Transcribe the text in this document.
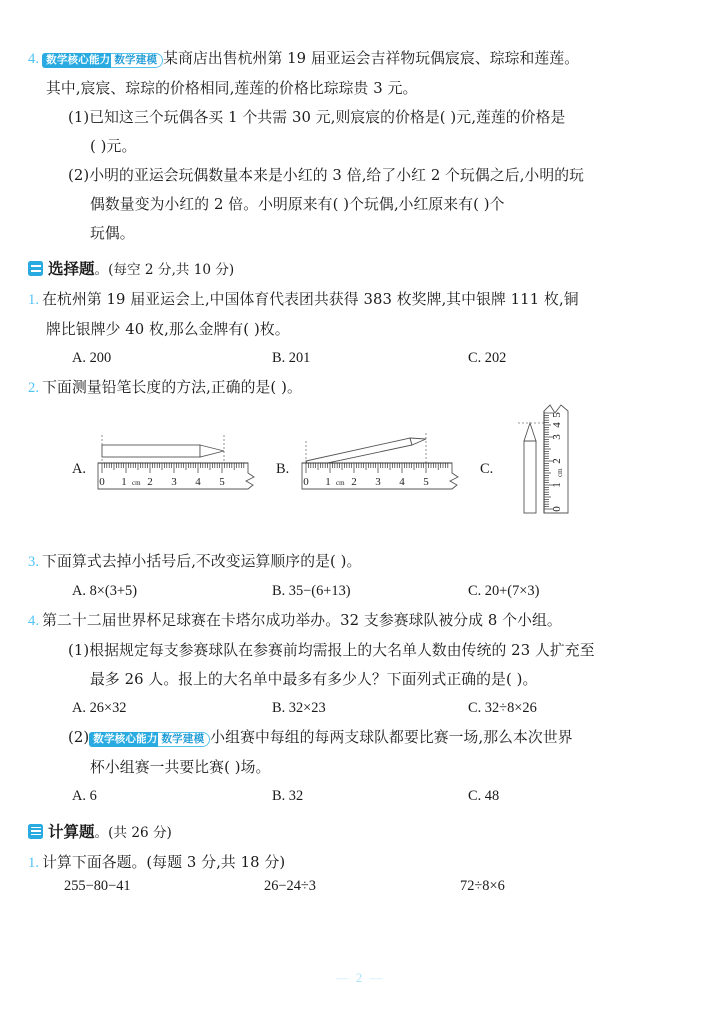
4. 数学核心能力 数学建模 某商店出售杭州第 19 届亚运会吉祥物玩偶宸宸、琮琮和莲莲。
其中‚宸宸、琮琮的价格相同‚莲莲的价格比琮琮贵 3 元。
(1)已知这三个玩偶各买 1 个共需 30 元‚则宸宸的价格是( )元‚莲莲的价格是
( )元。
(2)小明的亚运会玩偶数量本来是小红的 3 倍‚给了小红 2 个玩偶之后‚小明的玩
偶数量变为小红的 2 倍。小明原来有( )个玩偶‚小红原来有( )个
玩偶。
选择题。(每空 2 分‚共 10 分)
1. 在杭州第 19 届亚运会上‚中国体育代表团共获得 383 枚奖牌‚其中银牌 111 枚‚铜
牌比银牌少 40 枚‚那么金牌有( )枚。
A. 200	B. 201	C. 202
2. 下面测量铅笔长度的方法‚正确的是( )。
A.
0 1 2 3 4 5
cm
B.
0 1 2 3 4 5
cm
C.
0
1
2
3
4
5
cm
3. 下面算式去掉小括号后‚不改变运算顺序的是( )。
A. 8×(3+5)	B. 35−(6+13)	C. 20+(7×3)
4. 第二十二届世界杯足球赛在卡塔尔成功举办。32 支参赛球队被分成 8 个小组。
(1)根据规定每支参赛球队在参赛前均需报上的大名单人数由传统的 23 人扩充至
最多 26 人。报上的大名单中最多有多少人？下面列式正确的是( )。
A. 26×32	B. 32×23	C. 32÷8×26
(2) 数学核心能力 数学建模 小组赛中每组的每两支球队都要比赛一场‚那么本次世界
杯小组赛一共要比赛( )场。
A. 6	B. 32	C. 48
计算题。(共 26 分)
1. 计算下面各题。(每题 3 分‚共 18 分)
255−80−41	26−24÷3	72÷8×6
— 2 —
